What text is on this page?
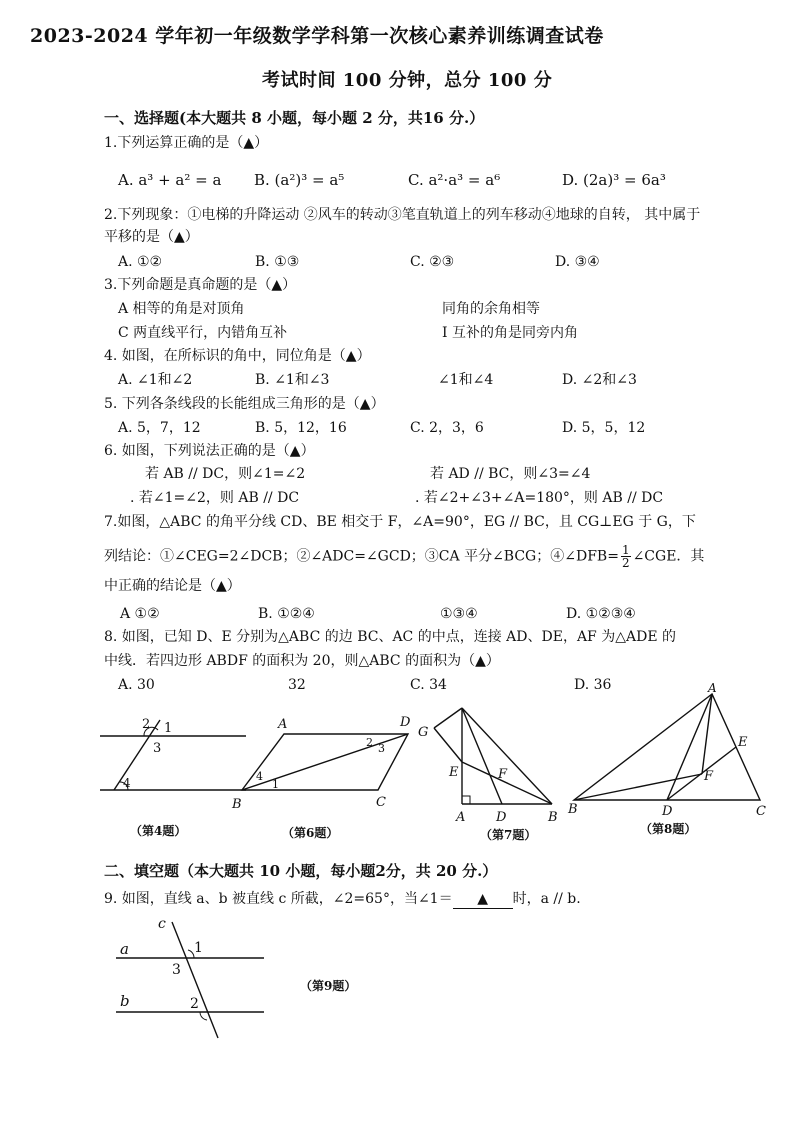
2023-2024 学年初一年级数学学科第一次核心素养训练调查试卷
考试时间 100 分钟，总分 100 分
一、选择题(本大题共 8 小题，每小题 2 分，共16 分.）
1.下列运算正确的是（▲）
A. a³ + a² = a B. (a²)³ = a⁵	C. a²·a³ = a⁶	D. (2a)³ = 6a³
2.下列现象：①电梯的升降运动 ②风车的转动③笔直轨道上的列车移动④地球的自转， 其中属于
平移的是（▲）
A. ①②	B. ①③	C. ②③	D. ③④
3.下列命题是真命题的是（▲）
A 相等的角是对顶角	同角的余角相等
C 两直线平行，内错角互补	I 互补的角是同旁内角
4. 如图，在所标识的角中，同位角是（▲）
A. ∠1和∠2	B. ∠1和∠3	∠1和∠4	D. ∠2和∠3
5. 下列各条线段的长能组成三角形的是（▲）
A. 5，7，12	B. 5，12，16	C. 2，3，6	D. 5，5，12
6. 如图，下列说法正确的是（▲）
若 AB // DC，则∠1=∠2	若 AD // BC，则∠3=∠4
. 若∠1=∠2，则 AB // DC	. 若∠2+∠3+∠A=180°，则 AB // DC
7.如图，△ABC 的角平分线 CD、BE 相交于 F，∠A=90°，EG // BC，且 CG⊥EG 于 G，下
列结论：①∠CEG=2∠DCB；②∠ADC=∠GCD；③CA 平分∠BCG；④∠DFB= $\frac{1}{2}$ ∠CGE．其
中正确的结论是（▲）
A ①②	B. ①②④	①③④	D. ①②③④
8. 如图，已知 D、E 分别为△ABC 的边 BC、AC 的中点，连接 AD、DE，AF 为△ADE 的
中线．若四边形 ABDF 的面积为 20，则△ABC 的面积为（▲）
A. 30	32	C. 34	D. 36
2 1
3
4
（第4题）
A	D
2 3
4
1
B	C
（第6题）
G
E	F
A D	B
（第7题）
A
E
F
B	D	C
（第8题）
二、填空题（本大题共 10 小题，每小题2分，共 20 分.）
9. 如图，直线 a、b 被直线 c 所截，∠2=65°，当∠1＝ ▲ 时，a // b.
c
a
b
1
3
2
（第9题）
